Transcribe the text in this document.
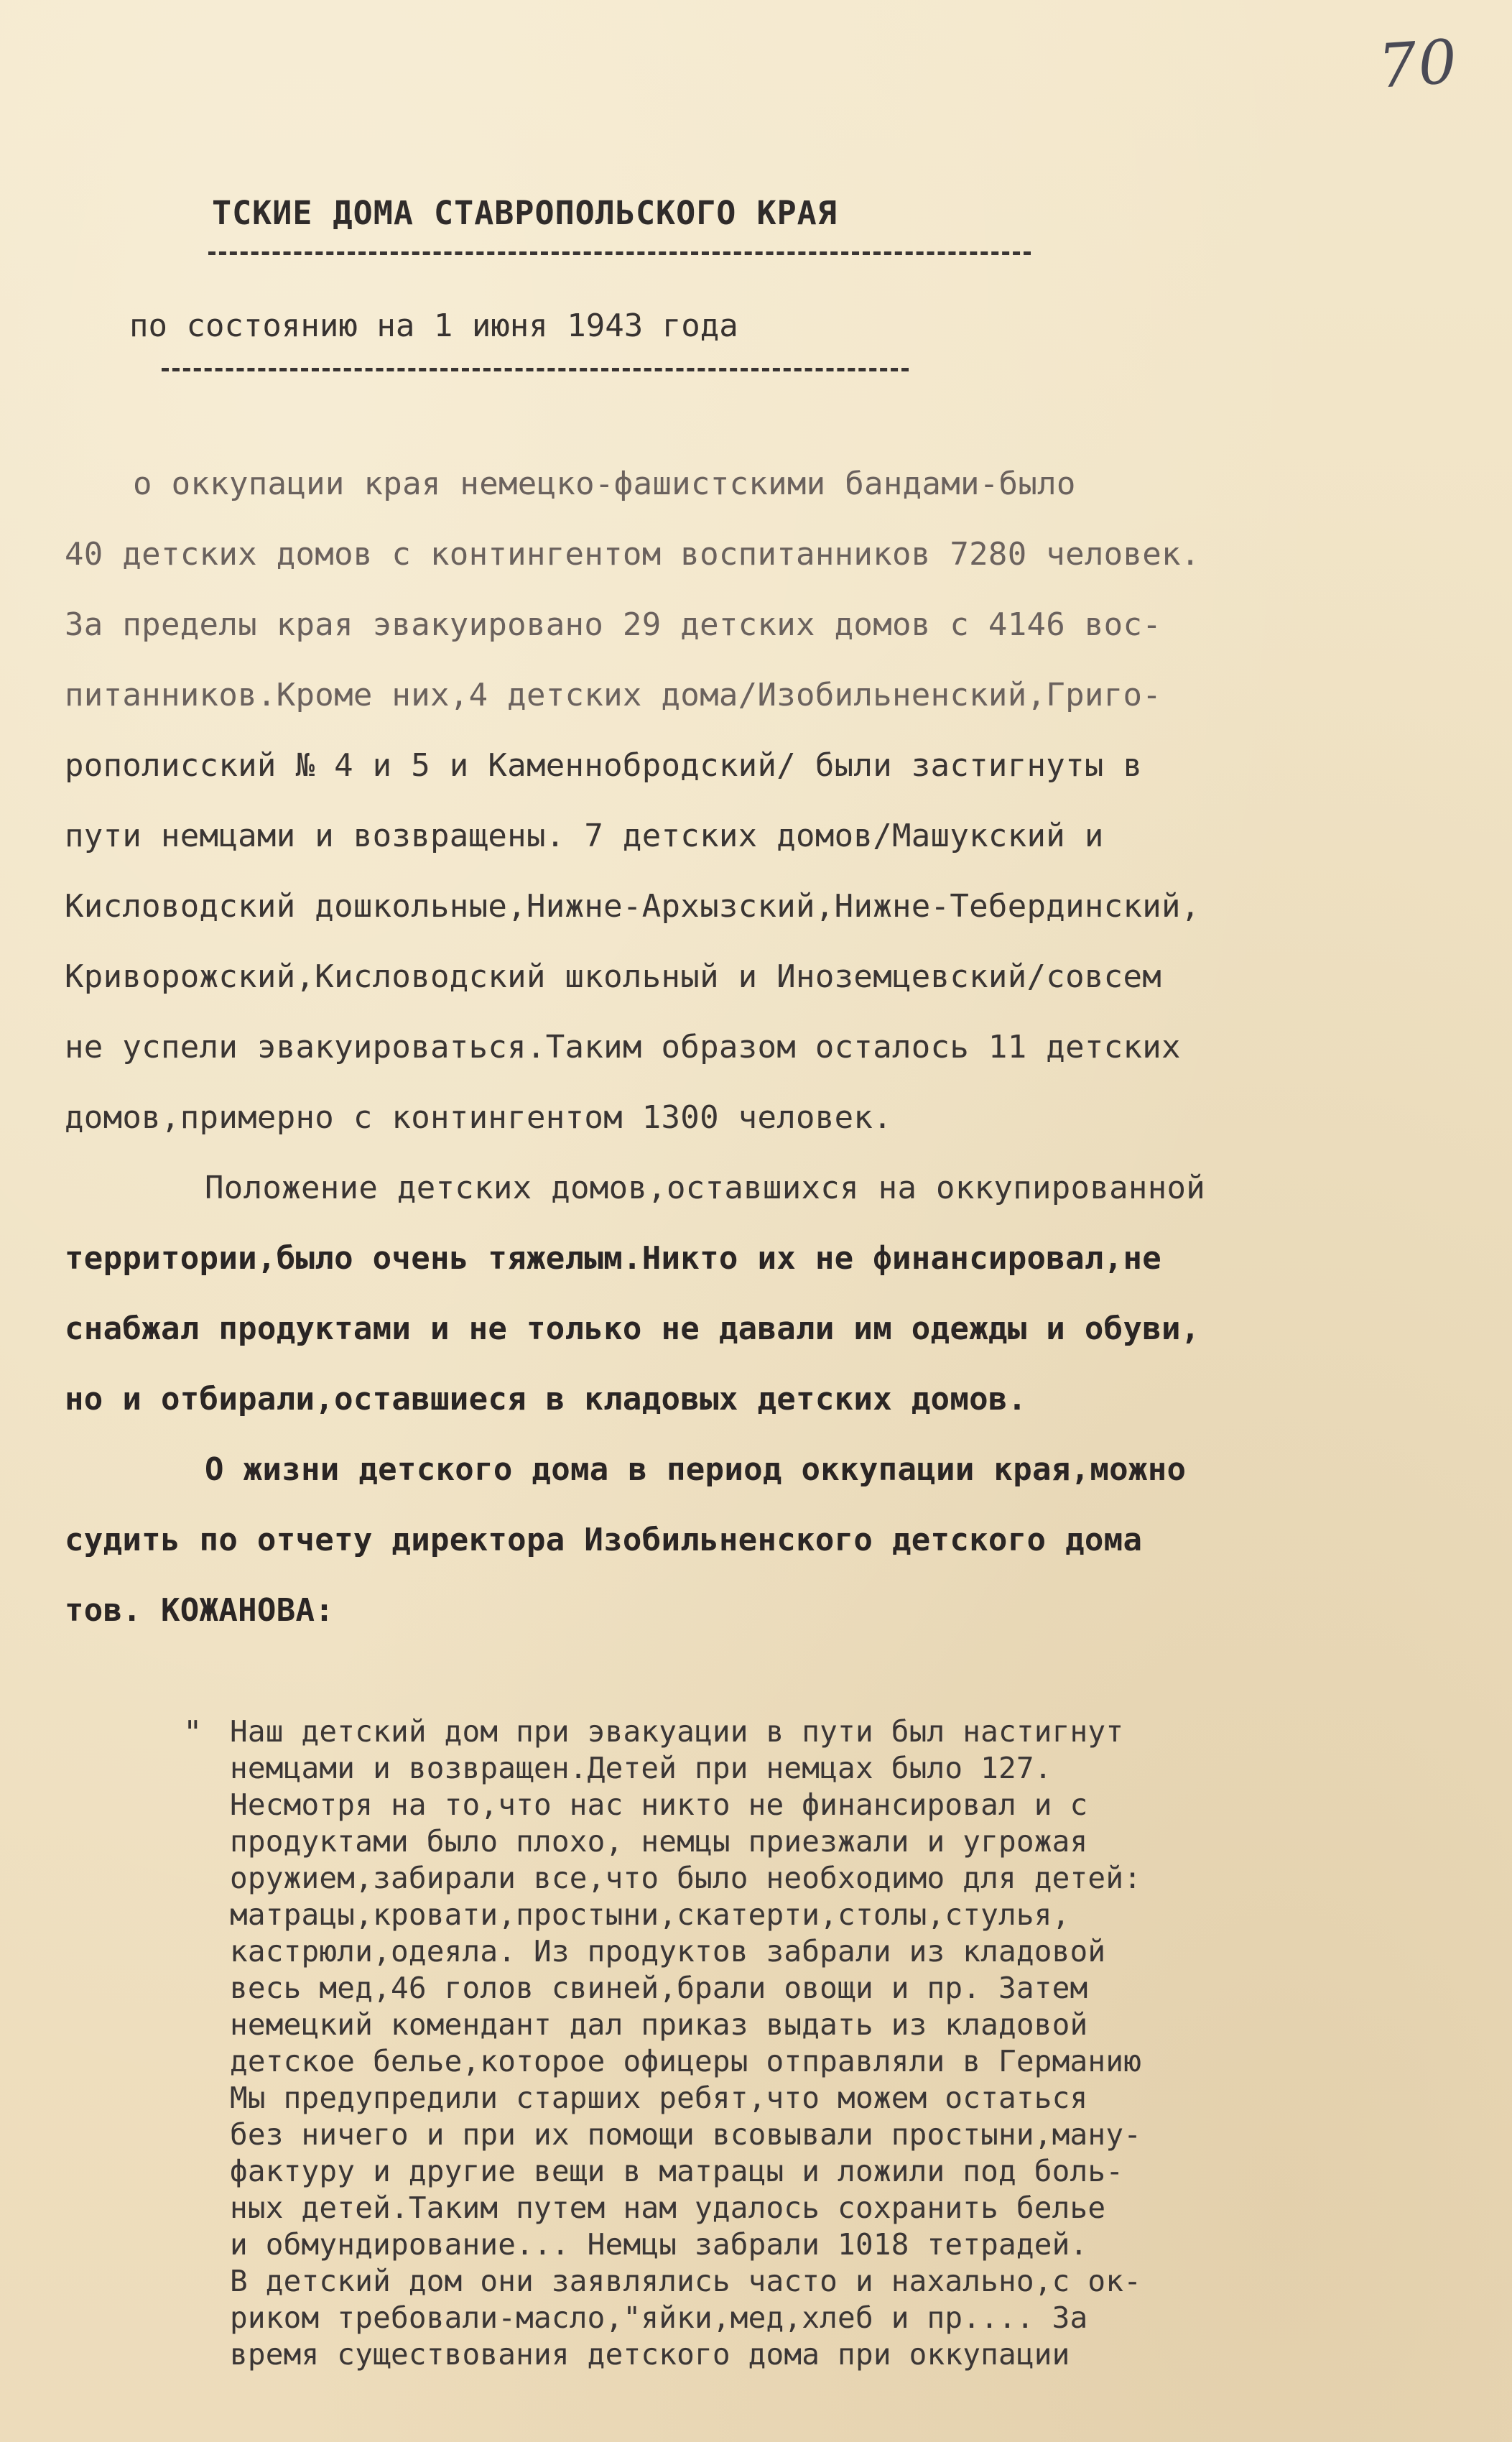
70
ТСКИЕ ДОМА СТАВРОПОЛЬСКОГО КРАЯ
по состоянию на 1 июня 1943 года
о оккупации края немецко-фашистскими бандами-было
40 детских домов с контингентом воспитанников 7280 человек.
За пределы края эвакуировано 29 детских домов с 4146 вос-
питанников.Кроме них,4 детских дома/Изобильненский,Григо-
рополисский № 4 и 5 и Каменнобродский/ были застигнуты в
пути немцами и возвращены. 7 детских домов/Машукский и
Кисловодский дошкольные,Нижне-Архызский,Нижне-Тебердинский,
Криворожский,Кисловодский школьный и Иноземцевский/совсем
не успели эвакуироваться.Таким образом осталось 11 детских
домов,примерно с контингентом 1300 человек.
Положение детских домов,оставшихся на оккупированной
территории,было очень тяжелым.Никто их не финансировал,не
снабжал продуктами и не только не давали им одежды и обуви,
но и отбирали,оставшиеся в кладовых детских домов.
О жизни детского дома в период оккупации края,можно
судить по отчету директора Изобильненского детского дома
тов. КОЖАНОВА:
" Наш детский дом при эвакуации в пути был настигнут
немцами и возвращен.Детей при немцах было 127.
Несмотря на то,что нас никто не финансировал и с
продуктами было плохо, немцы приезжали и угрожая
оружием,забирали все,что было необходимо для детей:
матрацы,кровати,простыни,скатерти,столы,стулья,
кастрюли,одеяла. Из продуктов забрали из кладовой
весь мед,46 голов свиней,брали овощи и пр. Затем
немецкий комендант дал приказ выдать из кладовой
детское белье,которое офицеры отправляли в Германию
Мы предупредили старших ребят,что можем остаться
без ничего и при их помощи всовывали простыни,ману-
фактуру и другие вещи в матрацы и ложили под боль-
ных детей.Таким путем нам удалось сохранить белье
и обмундирование... Немцы забрали 1018 тетрадей.
В детский дом они заявлялись часто и нахально,с ок-
риком требовали-масло,"яйки,мед,хлеб и пр.... За
время существования детского дома при оккупации
